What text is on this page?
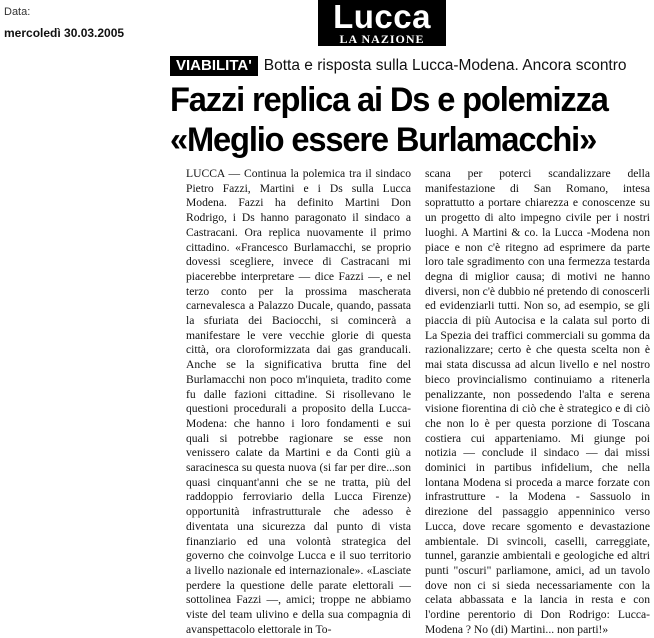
Data:
mercoledì 30.03.2005	Lucca
LA NAZIONE
VIABILITA' Botta e risposta sulla Lucca-Modena. Ancora scontro
Fazzi replica ai Ds e polemizza
«Meglio essere Burlamacchi»

LUCCA — Continua la polemica tra il sindaco Pietro Fazzi, Martini e i Ds sulla Lucca Modena. Fazzi ha definito Martini Don Rodrigo, i Ds hanno paragonato il sindaco a Castracani. Ora replica nuovamente il primo cittadino. «Francesco Burlamacchi, se proprio dovessi scegliere, invece di Castracani mi piacerebbe interpretare — dice Fazzi —, e nel terzo conto per la prossima mascherata carnevalesca a Palazzo Ducale, quando, passata la sfuriata dei Baciocchi, si comincerà a manifestare le vere vecchie glorie di questa città, ora cloroformizzata dai gas granducali. Anche se la significativa brutta fine del Burlamacchi non poco m'inquieta, tradito come fu dalle fazioni cittadine. Si risollevano le questioni procedurali a proposito della Lucca-Modena: che hanno i loro fondamenti e sui quali si potrebbe ragionare se esse non venissero calate da Martini e da Conti giù a saracinesca su questa nuova (si far per dire...son quasi cinquant'anni che se ne tratta, più del raddoppio ferroviario della Lucca Firenze) opportunità infrastrutturale che adesso è diventata una sicurezza dal punto di vista finanziario ed una volontà strategica del governo che coinvolge Lucca e il suo territorio a livello nazionale ed internazionale». «Lasciate perdere la questione delle parate elettorali — sottolinea Fazzi —, amici; troppe ne abbiamo viste del team ulivino e della sua compagnia di avanspettacolo elettorale in To-

scana per poterci scandalizzare della manifestazione di San Romano, intesa soprattutto a portare chiarezza e conoscenze su un progetto di alto impegno civile per i nostri luoghi. A Martini & co. la Lucca -Modena non piace e non c'è ritegno ad esprimere da parte loro tale sgradimento con una fermezza testarda degna di miglior causa; di motivi ne hanno diversi, non c'è dubbio né pretendo di conoscerli ed evidenziarli tutti. Non so, ad esempio, se gli piaccia di più Autocisa e la calata sul porto di La Spezia dei traffici commerciali su gomma da razionalizzare; certo è che questa scelta non è mai stata discussa ad alcun livello e nel nostro bieco provincialismo continuiamo a ritenerla penalizzante, non possedendo l'alta e serena visione fiorentina di ciò che è strategico e di ciò che non lo è per questa porzione di Toscana costiera cui apparteniamo. Mi giunge poi notizia — conclude il sindaco — dai missi dominici in partibus infidelium, che nella lontana Modena si proceda a marce forzate con infrastrutture - la Modena - Sassuolo in direzione del passaggio appenninico verso Lucca, dove recare sgomento e devastazione ambientale. Di svincoli, caselli, carreggiate, tunnel, garanzie ambientali e geologiche ed altri punti "oscuri" parliamone, amici, ad un tavolo dove non ci si sieda necessariamente con la celata abbassata e la lancia in resta e con l'ordine perentorio di Don Rodrigo: Lucca-Modena ? No (di) Martini... non parti!»
